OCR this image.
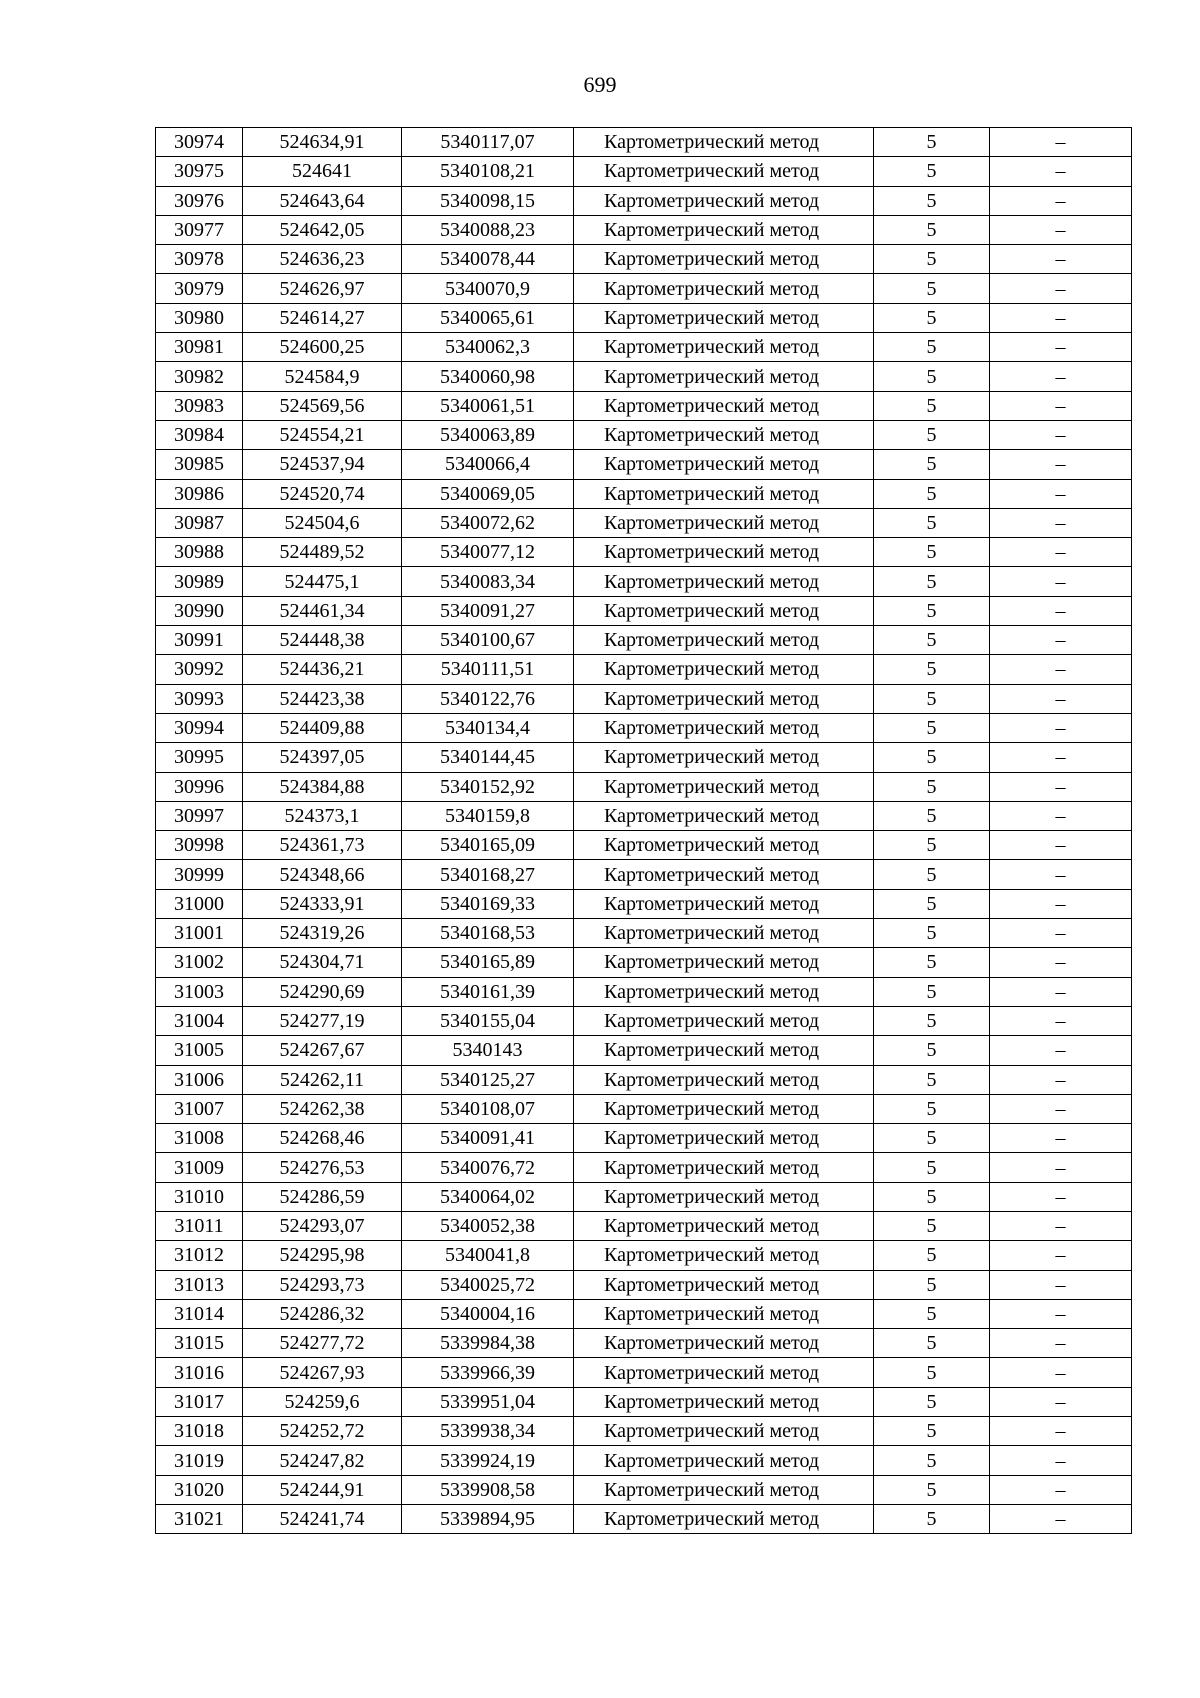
699
30974	524634,91	5340117,07	Картометрический метод	5	–
30975	524641	5340108,21	Картометрический метод	5	–
30976	524643,64	5340098,15	Картометрический метод	5	–
30977	524642,05	5340088,23	Картометрический метод	5	–
30978	524636,23	5340078,44	Картометрический метод	5	–
30979	524626,97	5340070,9	Картометрический метод	5	–
30980	524614,27	5340065,61	Картометрический метод	5	–
30981	524600,25	5340062,3	Картометрический метод	5	–
30982	524584,9	5340060,98	Картометрический метод	5	–
30983	524569,56	5340061,51	Картометрический метод	5	–
30984	524554,21	5340063,89	Картометрический метод	5	–
30985	524537,94	5340066,4	Картометрический метод	5	–
30986	524520,74	5340069,05	Картометрический метод	5	–
30987	524504,6	5340072,62	Картометрический метод	5	–
30988	524489,52	5340077,12	Картометрический метод	5	–
30989	524475,1	5340083,34	Картометрический метод	5	–
30990	524461,34	5340091,27	Картометрический метод	5	–
30991	524448,38	5340100,67	Картометрический метод	5	–
30992	524436,21	5340111,51	Картометрический метод	5	–
30993	524423,38	5340122,76	Картометрический метод	5	–
30994	524409,88	5340134,4	Картометрический метод	5	–
30995	524397,05	5340144,45	Картометрический метод	5	–
30996	524384,88	5340152,92	Картометрический метод	5	–
30997	524373,1	5340159,8	Картометрический метод	5	–
30998	524361,73	5340165,09	Картометрический метод	5	–
30999	524348,66	5340168,27	Картометрический метод	5	–
31000	524333,91	5340169,33	Картометрический метод	5	–
31001	524319,26	5340168,53	Картометрический метод	5	–
31002	524304,71	5340165,89	Картометрический метод	5	–
31003	524290,69	5340161,39	Картометрический метод	5	–
31004	524277,19	5340155,04	Картометрический метод	5	–
31005	524267,67	5340143	Картометрический метод	5	–
31006	524262,11	5340125,27	Картометрический метод	5	–
31007	524262,38	5340108,07	Картометрический метод	5	–
31008	524268,46	5340091,41	Картометрический метод	5	–
31009	524276,53	5340076,72	Картометрический метод	5	–
31010	524286,59	5340064,02	Картометрический метод	5	–
31011	524293,07	5340052,38	Картометрический метод	5	–
31012	524295,98	5340041,8	Картометрический метод	5	–
31013	524293,73	5340025,72	Картометрический метод	5	–
31014	524286,32	5340004,16	Картометрический метод	5	–
31015	524277,72	5339984,38	Картометрический метод	5	–
31016	524267,93	5339966,39	Картометрический метод	5	–
31017	524259,6	5339951,04	Картометрический метод	5	–
31018	524252,72	5339938,34	Картометрический метод	5	–
31019	524247,82	5339924,19	Картометрический метод	5	–
31020	524244,91	5339908,58	Картометрический метод	5	–
31021	524241,74	5339894,95	Картометрический метод	5	–
